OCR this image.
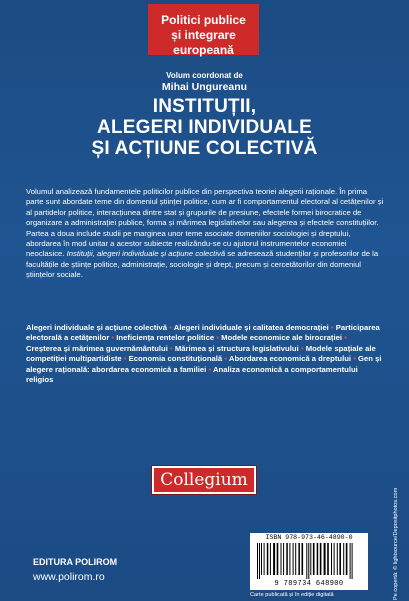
Politici publice
și integrare europeană
Volum coordonat de
Mihai Ungureanu
INSTITUȚII,
ALEGERI INDIVIDUALE
ȘI ACȚIUNE COLECTIVĂ
Volumul analizează fundamentele politicilor publice din perspectiva teoriei alegerii raționale. În prima parte sunt abordate teme din domeniul științei politice, cum ar fi comportamentul electoral al cetățenilor și al partidelor politice, interacțiunea dintre stat și grupurile de presiune, efectele formei birocratice de organizare a administrației publice, forma și mărimea legislativelor sau alegerea și efectele constituțiilor. Partea a doua include studii pe marginea unor teme asociate domeniilor sociologiei și dreptului, abordarea în mod unitar a acestor subiecte realizându-se cu ajutorul instrumentelor economiei neoclasice. Instituții, alegeri individuale și acțiune colectivă se adresează studenților și profesorilor de la facultățile de științe politice, administrație, sociologie și drept, precum și cercetătorilor din domeniul științelor sociale.
Alegeri individuale și acțiune colectivă • Alegeri individuale și calitatea democrației • Participarea electorală a cetățenilor • Ineficiența rentelor politice • Modele economice ale birocrației • Creșterea și mărimea guvernământului • Mărimea și structura legislativului • Modele spațiale ale competiției multipartidiste • Economia constituțională • Abordarea economică a dreptului • Gen și alegere rațională: abordarea economică a familiei • Analiza economică a comportamentului religios
Collegium
EDITURA POLIROM
www.polirom.ro
ISBN 978-973-46-4890-0
9 789734 648900
Carte publicată și în ediție digitală	Pe copertă: © lightsource/Depositphotos.com
